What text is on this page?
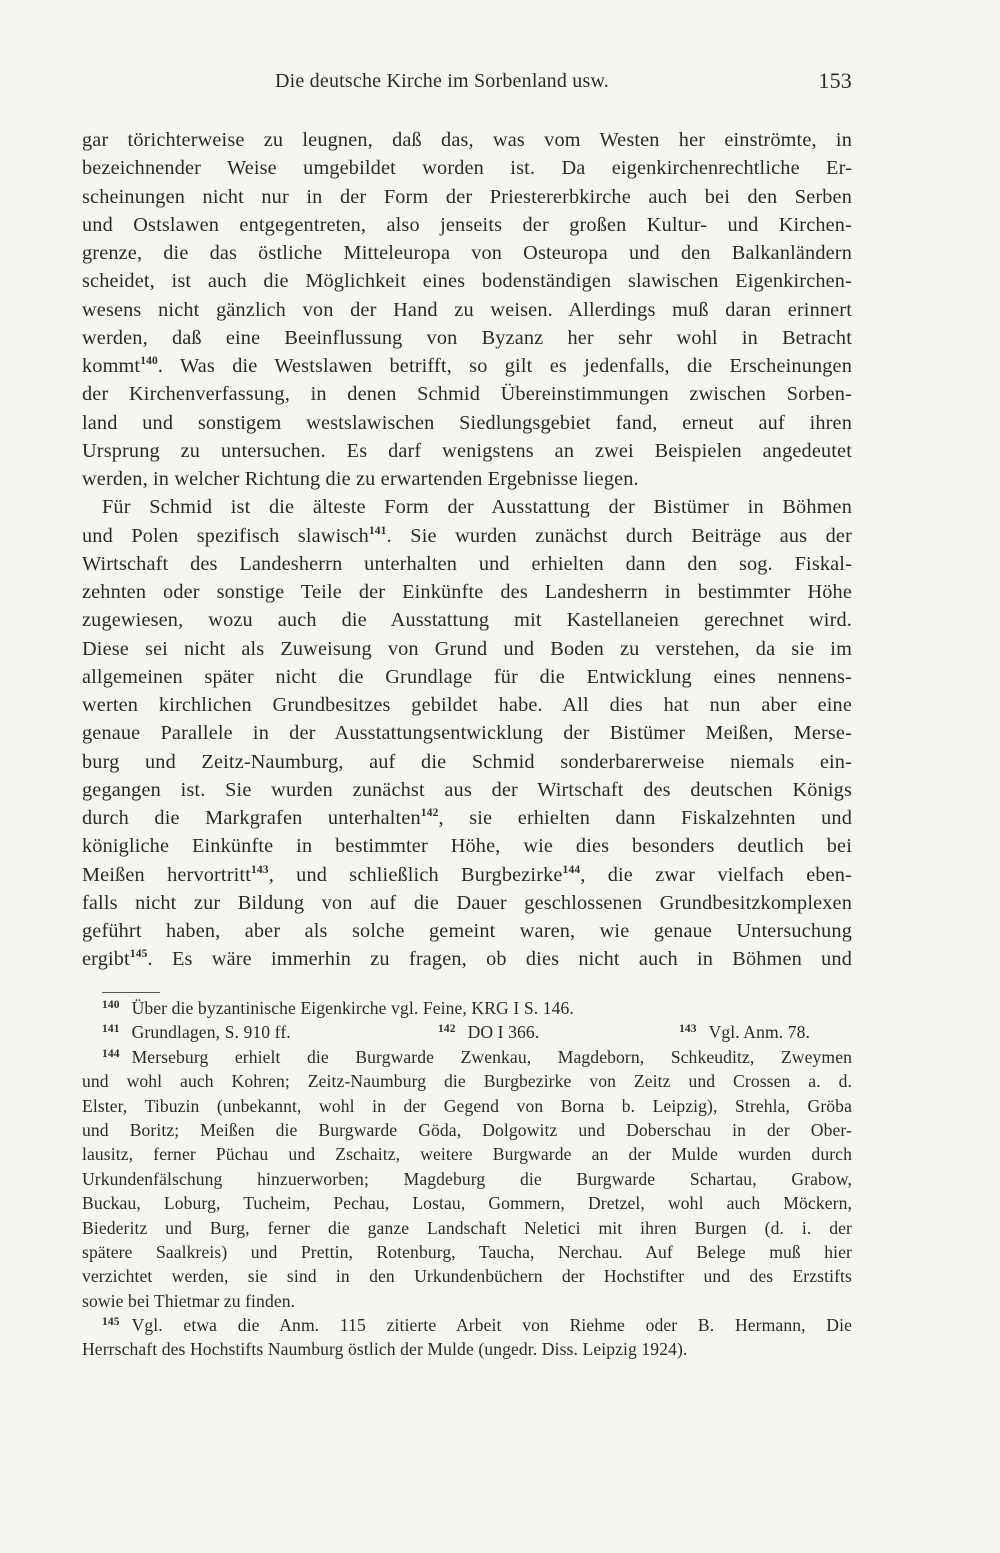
Die deutsche Kirche im Sorbenland usw.	153
gar törichterweise zu leugnen, daß das, was vom Westen her einströmte, in
bezeichnender Weise umgebildet worden ist. Da eigenkirchenrechtliche Er-
scheinungen nicht nur in der Form der Priestererbkirche auch bei den Serben
und Ostslawen entgegentreten, also jenseits der großen Kultur- und Kirchen-
grenze, die das östliche Mitteleuropa von Osteuropa und den Balkanländern
scheidet, ist auch die Möglichkeit eines bodenständigen slawischen Eigenkirchen-
wesens nicht gänzlich von der Hand zu weisen. Allerdings muß daran erinnert
werden, daß eine Beeinflussung von Byzanz her sehr wohl in Betracht
kommt$^{140}$. Was die Westslawen betrifft, so gilt es jedenfalls, die Erscheinungen
der Kirchenverfassung, in denen Schmid Übereinstimmungen zwischen Sorben-
land und sonstigem westslawischen Siedlungsgebiet fand, erneut auf ihren
Ursprung zu untersuchen. Es darf wenigstens an zwei Beispielen angedeutet
werden, in welcher Richtung die zu erwartenden Ergebnisse liegen.
Für Schmid ist die älteste Form der Ausstattung der Bistümer in Böhmen
und Polen spezifisch slawisch$^{141}$. Sie wurden zunächst durch Beiträge aus der
Wirtschaft des Landesherrn unterhalten und erhielten dann den sog. Fiskal-
zehnten oder sonstige Teile der Einkünfte des Landesherrn in bestimmter Höhe
zugewiesen, wozu auch die Ausstattung mit Kastellaneien gerechnet wird.
Diese sei nicht als Zuweisung von Grund und Boden zu verstehen, da sie im
allgemeinen später nicht die Grundlage für die Entwicklung eines nennens-
werten kirchlichen Grundbesitzes gebildet habe. All dies hat nun aber eine
genaue Parallele in der Ausstattungsentwicklung der Bistümer Meißen, Merse-
burg und Zeitz-Naumburg, auf die Schmid sonderbarerweise niemals ein-
gegangen ist. Sie wurden zunächst aus der Wirtschaft des deutschen Königs
durch die Markgrafen unterhalten$^{142}$, sie erhielten dann Fiskalzehnten und
königliche Einkünfte in bestimmter Höhe, wie dies besonders deutlich bei
Meißen hervortritt$^{143}$, und schließlich Burgbezirke$^{144}$, die zwar vielfach eben-
falls nicht zur Bildung von auf die Dauer geschlossenen Grundbesitzkomplexen
geführt haben, aber als solche gemeint waren, wie genaue Untersuchung
ergibt$^{145}$. Es wäre immerhin zu fragen, ob dies nicht auch in Böhmen und
$^{140}$ Über die byzantinische Eigenkirche vgl. Feine, KRG I S. 146.
$^{141}$ Grundlagen, S. 910 ff.	$^{142}$ DO I 366.	$^{143}$ Vgl. Anm. 78.
$^{144}$ Merseburg erhielt die Burgwarde Zwenkau, Magdeborn, Schkeuditz, Zweymen
und wohl auch Kohren; Zeitz-Naumburg die Burgbezirke von Zeitz und Crossen a. d.
Elster, Tibuzin (unbekannt, wohl in der Gegend von Borna b. Leipzig), Strehla, Gröba
und Boritz; Meißen die Burgwarde Göda, Dolgowitz und Doberschau in der Ober-
lausitz, ferner Püchau und Zschaitz, weitere Burgwarde an der Mulde wurden durch
Urkundenfälschung hinzuerworben; Magdeburg die Burgwarde Schartau, Grabow,
Buckau, Loburg, Tucheim, Pechau, Lostau, Gommern, Dretzel, wohl auch Möckern,
Biederitz und Burg, ferner die ganze Landschaft Neletici mit ihren Burgen (d. i. der
spätere Saalkreis) und Prettin, Rotenburg, Taucha, Nerchau. Auf Belege muß hier
verzichtet werden, sie sind in den Urkundenbüchern der Hochstifter und des Erzstifts
sowie bei Thietmar zu finden.
$^{145}$ Vgl. etwa die Anm. 115 zitierte Arbeit von Riehme oder B. Hermann, Die
Herrschaft des Hochstifts Naumburg östlich der Mulde (ungedr. Diss. Leipzig 1924).
